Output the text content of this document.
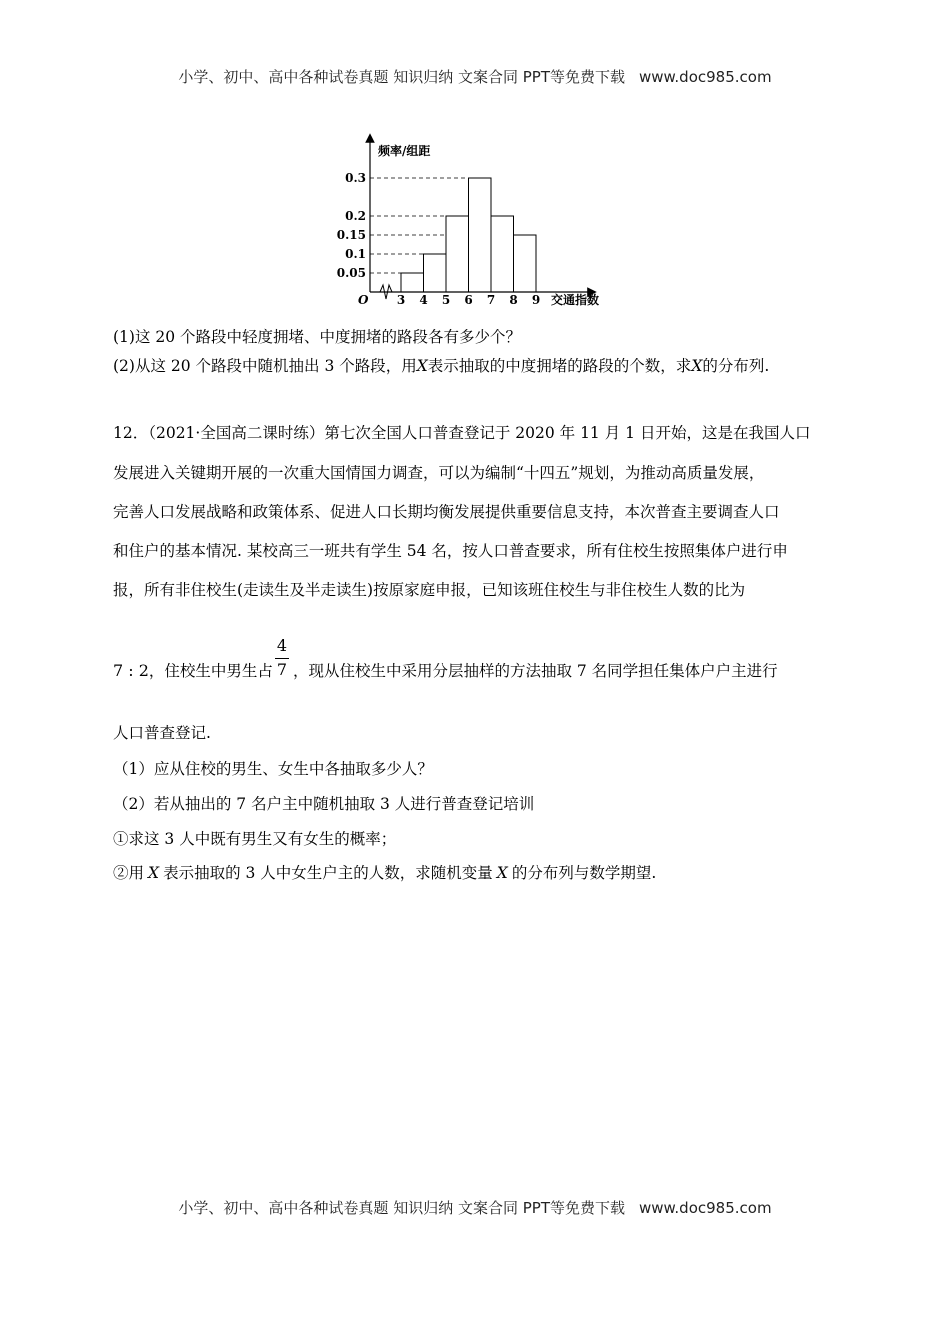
小学、初中、高中各种试卷真题 知识归纳 文案合同 PPT等免费下载 www.doc985.com
频率/组距
交通指数
O 3 4 5 6 7 8 9
0.05
0.1
0.15
0.2
0.3
(1)这 20 个路段中轻度拥堵、中度拥堵的路段各有多少个？
(2)从这 20 个路段中随机抽出 3 个路段，用X表示抽取的中度拥堵的路段的个数，求X的分布列.
12．（2021·全国高二课时练）第七次全国人口普查登记于 2020 年 11 月 1 日开始，这是在我国人口
发展进入关键期开展的一次重大国情国力调查，可以为编制“十四五”规划，为推动高质量发展，
完善人口发展战略和政策体系、促进人口长期均衡发展提供重要信息支持，本次普查主要调查人口
和住户的基本情况. 某校高三一班共有学生 54 名，按人口普查要求，所有住校生按照集体户进行申
报，所有非住校生(走读生及半走读生)按原家庭申报，已知该班住校生与非住校生人数的比为
7 : 2，住校生中男生占 ，现从住校生中采用分层抽样的方法抽取 7 名同学担任集体户户主进行
4
7
人口普查登记.
（1）应从住校的男生、女生中各抽取多少人？
（2）若从抽出的 7 名户主中随机抽取 3 人进行普查登记培训
①求这 3 人中既有男生又有女生的概率；
②用 X 表示抽取的 3 人中女生户主的人数，求随机变量 X 的分布列与数学期望.
小学、初中、高中各种试卷真题 知识归纳 文案合同 PPT等免费下载 www.doc985.com
